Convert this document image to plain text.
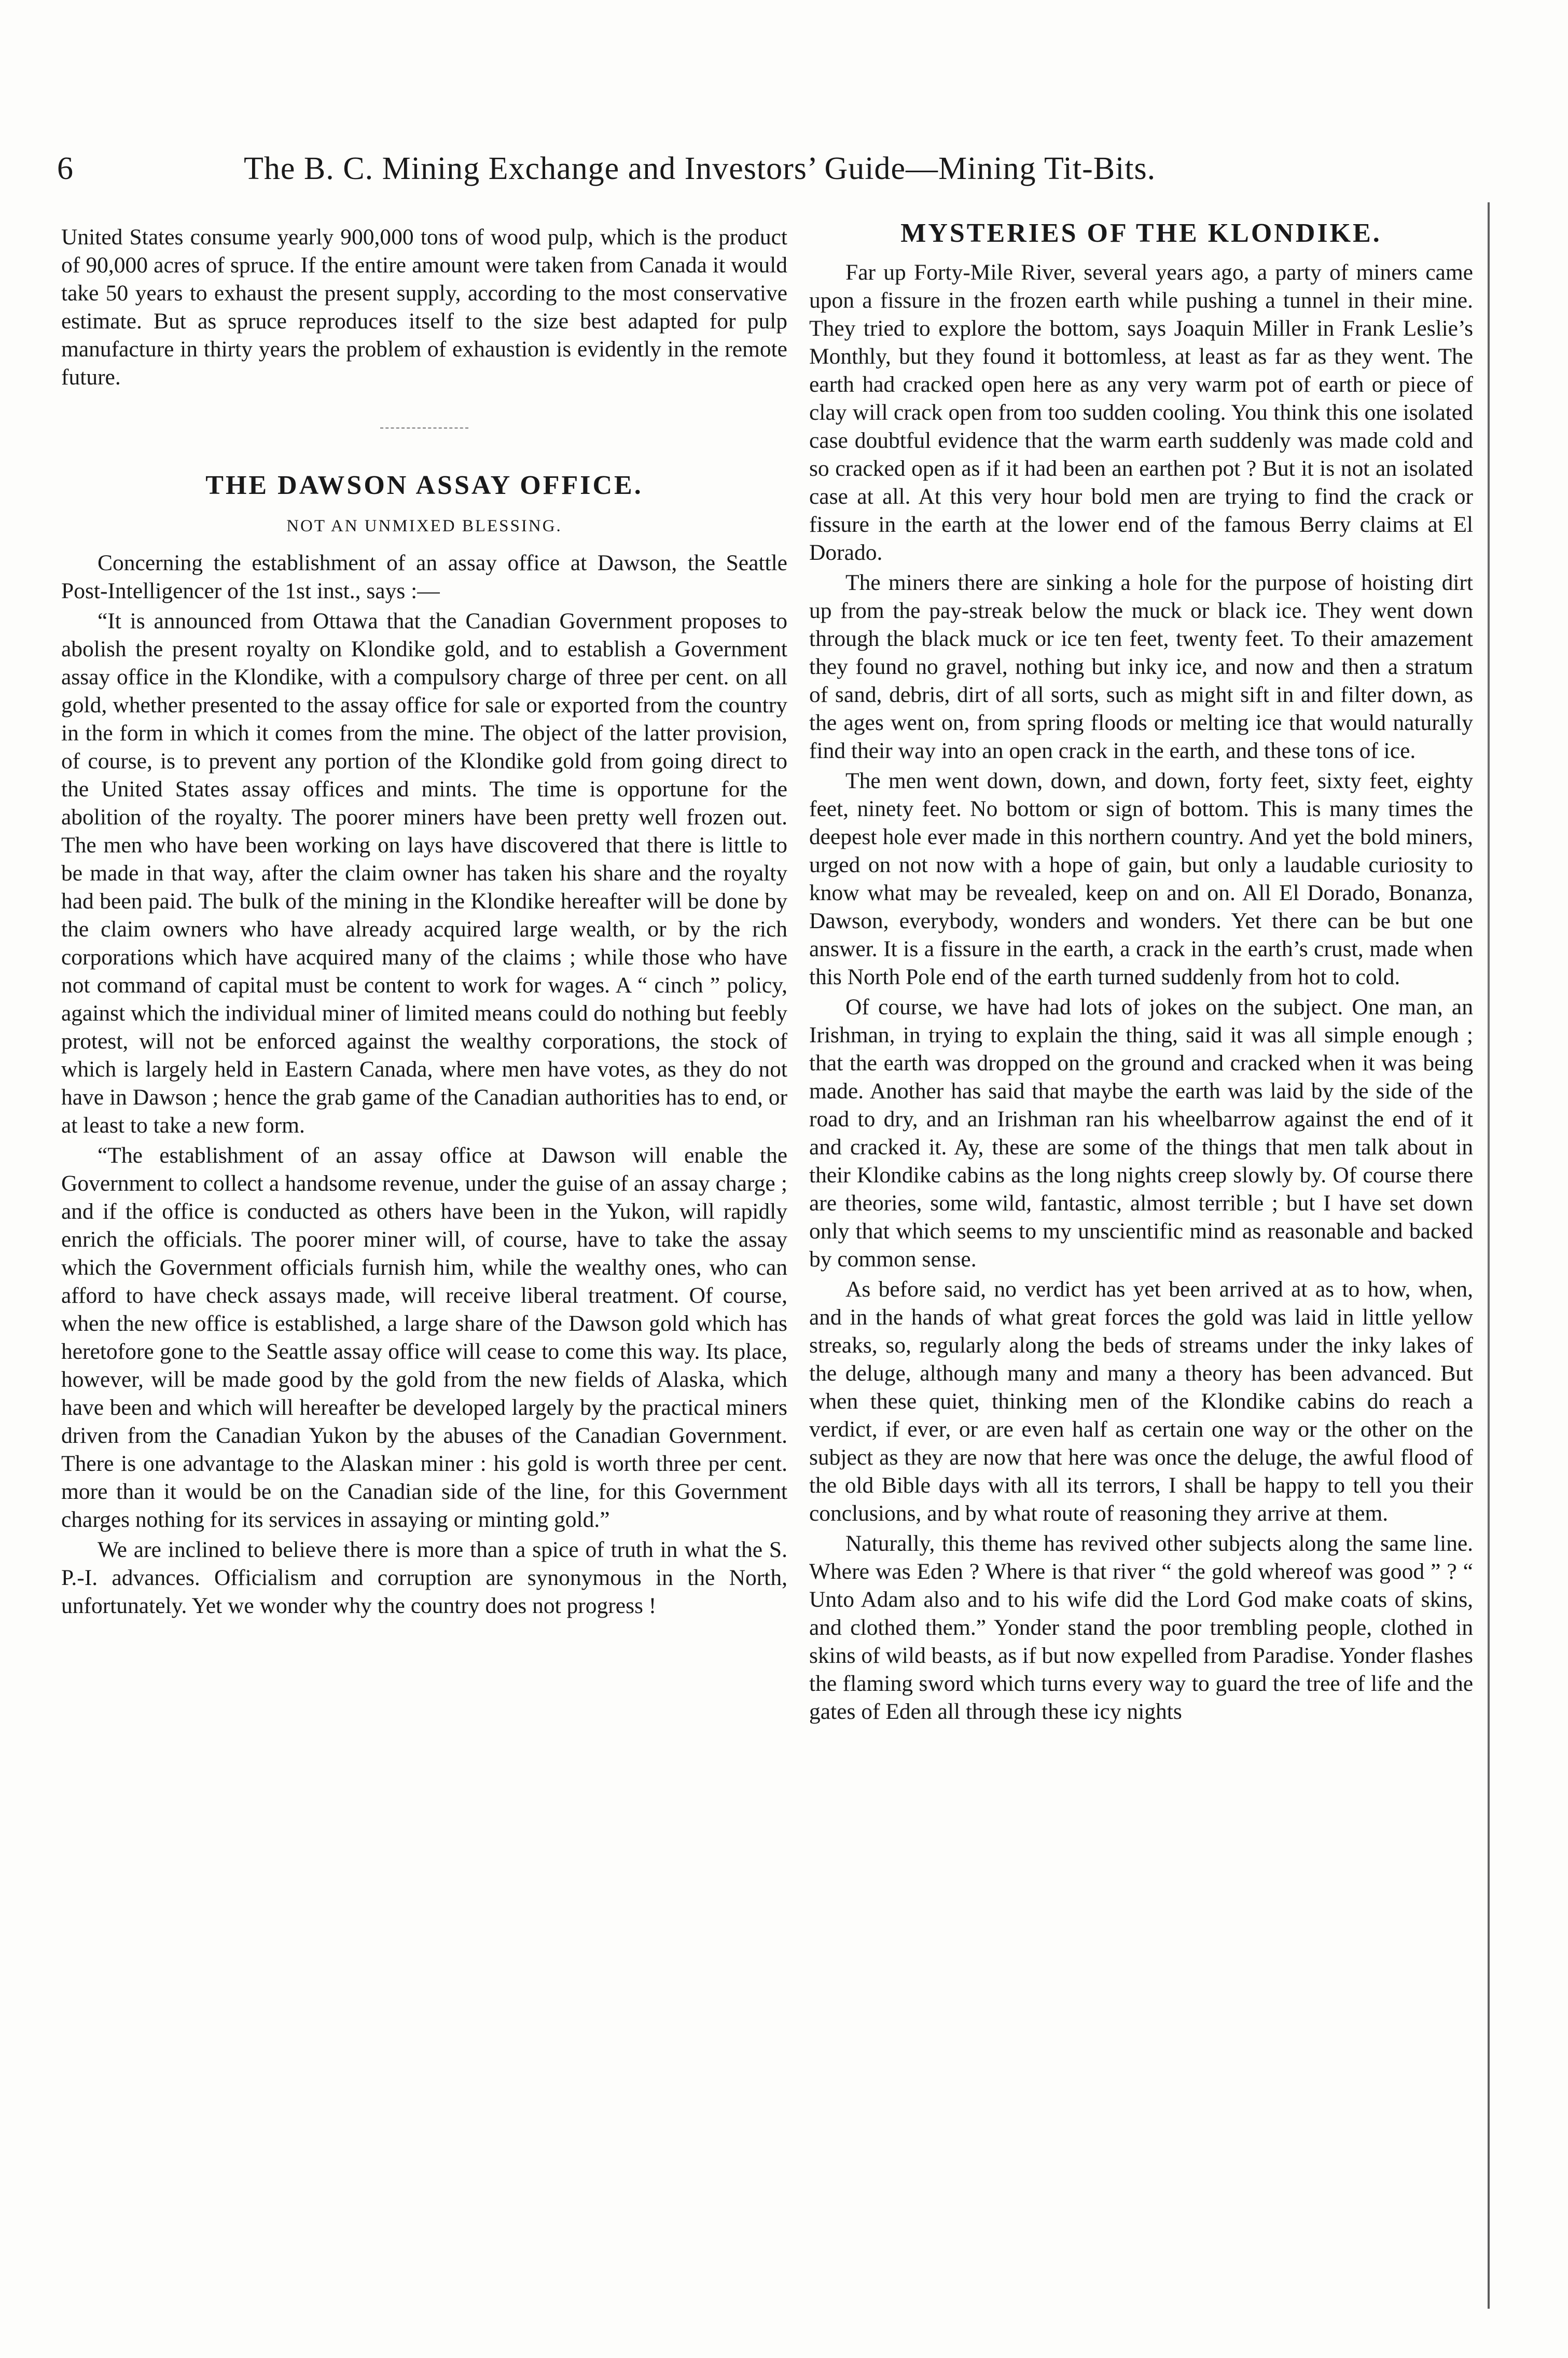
6	The B. C. Mining Exchange and Investors’ Guide—Mining Tit-Bits.

United States consume yearly 900,000 tons of wood pulp, which is the product of 90,000 acres of spruce. If the entire amount were taken from Canada it would take 50 years to exhaust the present supply, according to the most conservative estimate. But as spruce reproduces itself to the size best adapted for pulp manufacture in thirty years the problem of exhaustion is evidently in the remote future.

THE DAWSON ASSAY OFFICE.
NOT AN UNMIXED BLESSING.

Concerning the establishment of an assay office at Dawson, the Seattle Post-Intelligencer of the 1st inst., says :—

“It is announced from Ottawa that the Canadian Government proposes to abolish the present royalty on Klondike gold, and to establish a Government assay office in the Klondike, with a compulsory charge of three per cent. on all gold, whether presented to the assay office for sale or exported from the country in the form in which it comes from the mine. The object of the latter provision, of course, is to prevent any portion of the Klondike gold from going direct to the United States assay offices and mints. The time is opportune for the abolition of the royalty. The poorer miners have been pretty well frozen out. The men who have been working on lays have discovered that there is little to be made in that way, after the claim owner has taken his share and the royalty had been paid. The bulk of the mining in the Klondike hereafter will be done by the claim owners who have already acquired large wealth, or by the rich corporations which have acquired many of the claims ; while those who have not command of capital must be content to work for wages. A “ cinch ” policy, against which the individual miner of limited means could do nothing but feebly protest, will not be enforced against the wealthy corporations, the stock of which is largely held in Eastern Canada, where men have votes, as they do not have in Dawson ; hence the grab game of the Canadian authorities has to end, or at least to take a new form.

“The establishment of an assay office at Dawson will enable the Government to collect a handsome revenue, under the guise of an assay charge ; and if the office is conducted as others have been in the Yukon, will rapidly enrich the officials. The poorer miner will, of course, have to take the assay which the Government officials furnish him, while the wealthy ones, who can afford to have check assays made, will receive liberal treatment. Of course, when the new office is established, a large share of the Dawson gold which has heretofore gone to the Seattle assay office will cease to come this way. Its place, however, will be made good by the gold from the new fields of Alaska, which have been and which will hereafter be developed largely by the practical miners driven from the Canadian Yukon by the abuses of the Canadian Government. There is one advantage to the Alaskan miner : his gold is worth three per cent. more than it would be on the Canadian side of the line, for this Government charges nothing for its services in assaying or minting gold.”

We are inclined to believe there is more than a spice of truth in what the S. P.-I. advances. Officialism and corruption are synonymous in the North, unfortunately. Yet we wonder why the country does not progress !

MYSTERIES OF THE KLONDIKE.

Far up Forty-Mile River, several years ago, a party of miners came upon a fissure in the frozen earth while pushing a tunnel in their mine. They tried to explore the bottom, says Joaquin Miller in Frank Leslie’s Monthly, but they found it bottomless, at least as far as they went. The earth had cracked open here as any very warm pot of earth or piece of clay will crack open from too sudden cooling. You think this one isolated case doubtful evidence that the warm earth suddenly was made cold and so cracked open as if it had been an earthen pot ? But it is not an isolated case at all. At this very hour bold men are trying to find the crack or fissure in the earth at the lower end of the famous Berry claims at El Dorado.

The miners there are sinking a hole for the purpose of hoisting dirt up from the pay-streak below the muck or black ice. They went down through the black muck or ice ten feet, twenty feet. To their amazement they found no gravel, nothing but inky ice, and now and then a stratum of sand, debris, dirt of all sorts, such as might sift in and filter down, as the ages went on, from spring floods or melting ice that would naturally find their way into an open crack in the earth, and these tons of ice.

The men went down, down, and down, forty feet, sixty feet, eighty feet, ninety feet. No bottom or sign of bottom. This is many times the deepest hole ever made in this northern country. And yet the bold miners, urged on not now with a hope of gain, but only a laudable curiosity to know what may be revealed, keep on and on. All El Dorado, Bonanza, Dawson, everybody, wonders and wonders. Yet there can be but one answer. It is a fissure in the earth, a crack in the earth’s crust, made when this North Pole end of the earth turned suddenly from hot to cold.

Of course, we have had lots of jokes on the subject. One man, an Irishman, in trying to explain the thing, said it was all simple enough ; that the earth was dropped on the ground and cracked when it was being made. Another has said that maybe the earth was laid by the side of the road to dry, and an Irishman ran his wheelbarrow against the end of it and cracked it. Ay, these are some of the things that men talk about in their Klondike cabins as the long nights creep slowly by. Of course there are theories, some wild, fantastic, almost terrible ; but I have set down only that which seems to my unscientific mind as reasonable and backed by common sense.

As before said, no verdict has yet been arrived at as to how, when, and in the hands of what great forces the gold was laid in little yellow streaks, so, regularly along the beds of streams under the inky lakes of the deluge, although many and many a theory has been advanced. But when these quiet, thinking men of the Klondike cabins do reach a verdict, if ever, or are even half as certain one way or the other on the subject as they are now that here was once the deluge, the awful flood of the old Bible days with all its terrors, I shall be happy to tell you their conclusions, and by what route of reasoning they arrive at them.

Naturally, this theme has revived other subjects along the same line. Where was Eden ? Where is that river “ the gold whereof was good ” ? “ Unto Adam also and to his wife did the Lord God make coats of skins, and clothed them.” Yonder stand the poor trembling people, clothed in skins of wild beasts, as if but now expelled from Paradise. Yonder flashes the flaming sword which turns every way to guard the tree of life and the gates of Eden all through these icy nights
